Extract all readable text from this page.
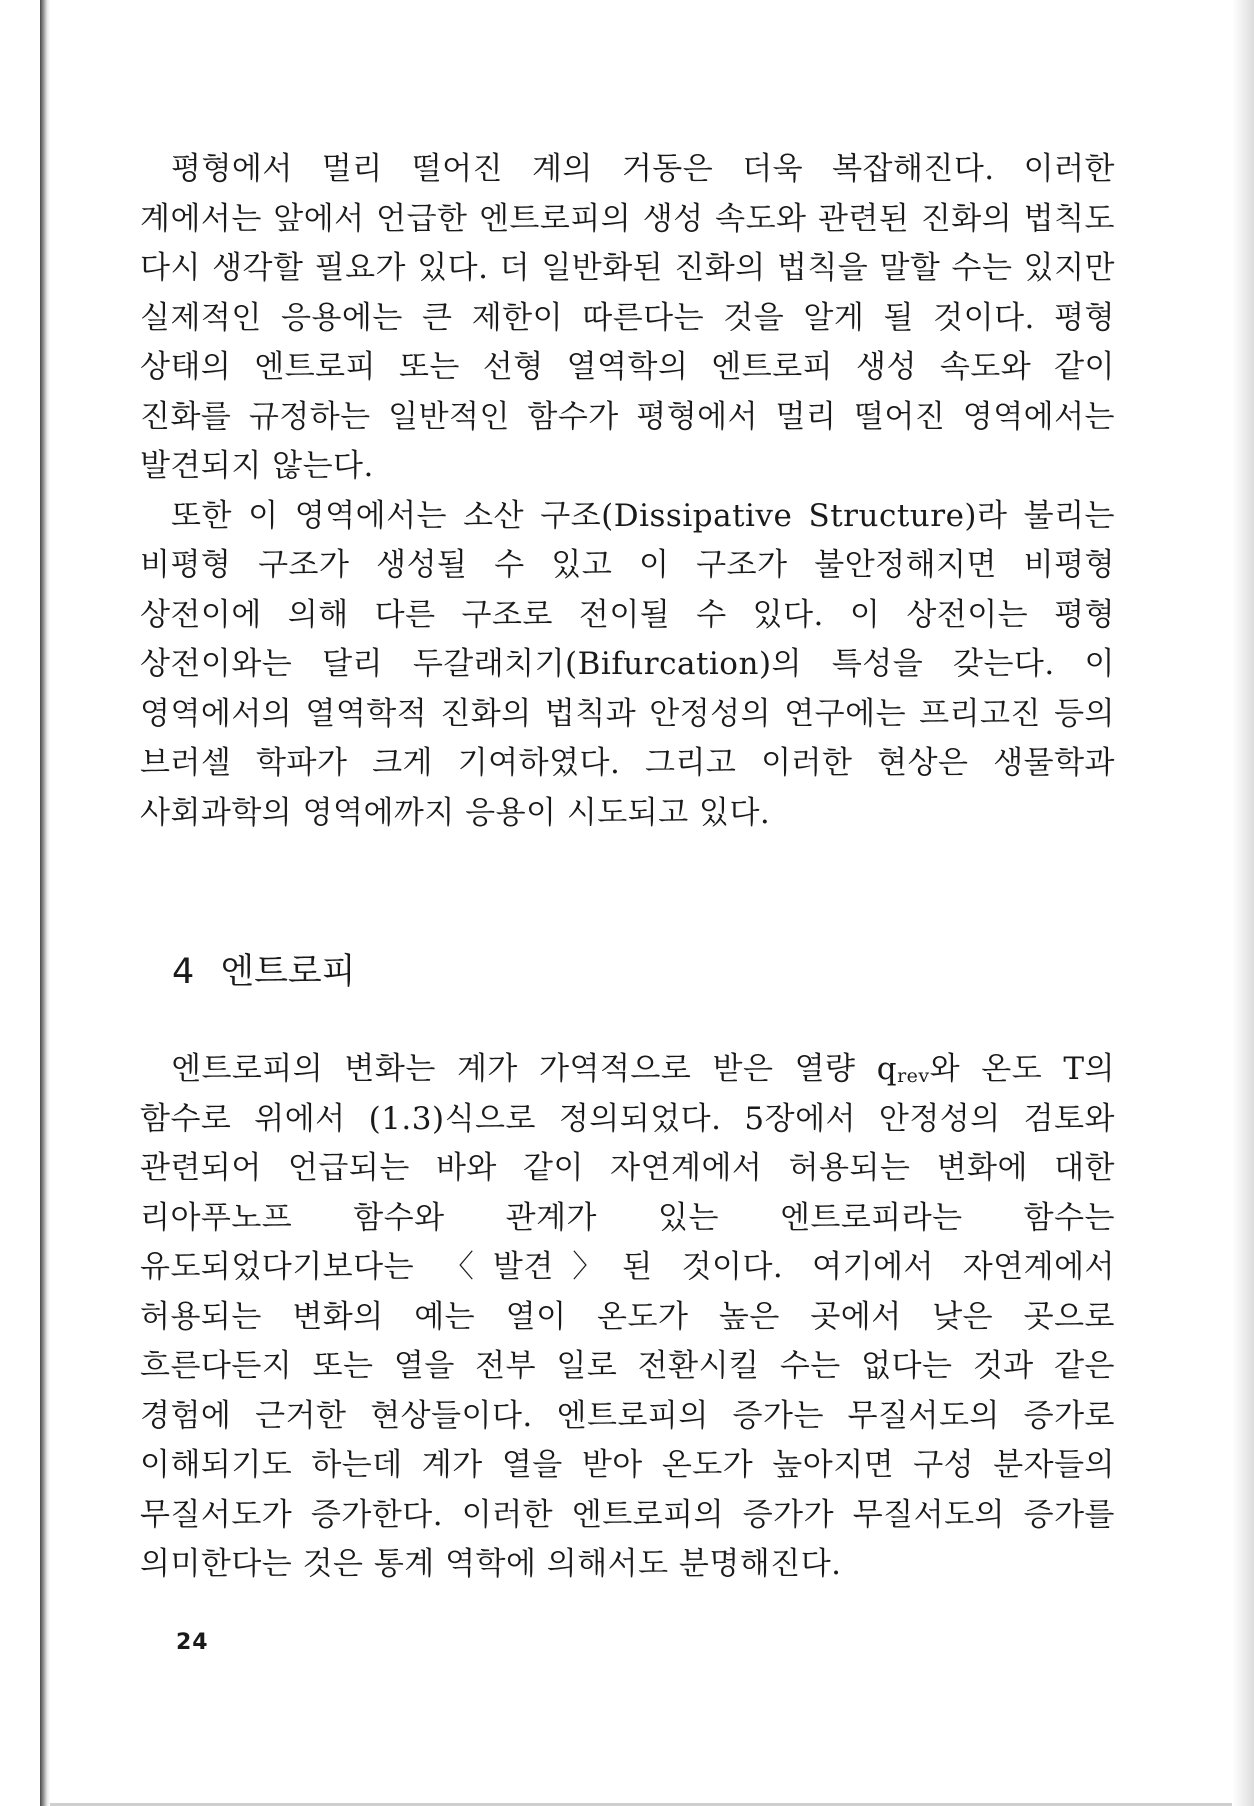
평형에서 멀리 떨어진 계의 거동은 더욱 복잡해진다. 이러한 계에서는 앞에서 언급한 엔트로피의 생성 속도와 관련된 진화의 법칙도 다시 생각할 필요가 있다. 더 일반화된 진화의 법칙을 말할 수는 있지만 실제적인 응용에는 큰 제한이 따른다는 것을 알게 될 것이다. 평형 상태의 엔트로피 또는 선형 열역학의 엔트로피 생성 속도와 같이 진화를 규정하는 일반적인 함수가 평형에서 멀리 떨어진 영역에서는 발견되지 않는다.

또한 이 영역에서는 소산 구조(Dissipative Structure)라 불리는 비평형 구조가 생성될 수 있고 이 구조가 불안정해지면 비평형 상전이에 의해 다른 구조로 전이될 수 있다. 이 상전이는 평형 상전이와는 달리 두갈래치기(Bifurcation)의 특성을 갖는다. 이 영역에서의 열역학적 진화의 법칙과 안정성의 연구에는 프리고진 등의 브러셀 학파가 크게 기여하였다. 그리고 이러한 현상은 생물학과 사회과학의 영역에까지 응용이 시도되고 있다.

4 엔트로피

엔트로피의 변화는 계가 가역적으로 받은 열량 $q_{rev}$와 온도 T의 함수로 위에서 (1.3)식으로 정의되었다. 5장에서 안정성의 검토와 관련되어 언급되는 바와 같이 자연계에서 허용되는 변화에 대한 리아푸노프 함수와 관계가 있는 엔트로피라는 함수는 유도되었다기보다는 〈발견〉된 것이다. 여기에서 자연계에서 허용되는 변화의 예는 열이 온도가 높은 곳에서 낮은 곳으로 흐른다든지 또는 열을 전부 일로 전환시킬 수는 없다는 것과 같은 경험에 근거한 현상들이다. 엔트로피의 증가는 무질서도의 증가로 이해되기도 하는데 계가 열을 받아 온도가 높아지면 구성 분자들의 무질서도가 증가한다. 이러한 엔트로피의 증가가 무질서도의 증가를 의미한다는 것은 통계 역학에 의해서도 분명해진다.

24
